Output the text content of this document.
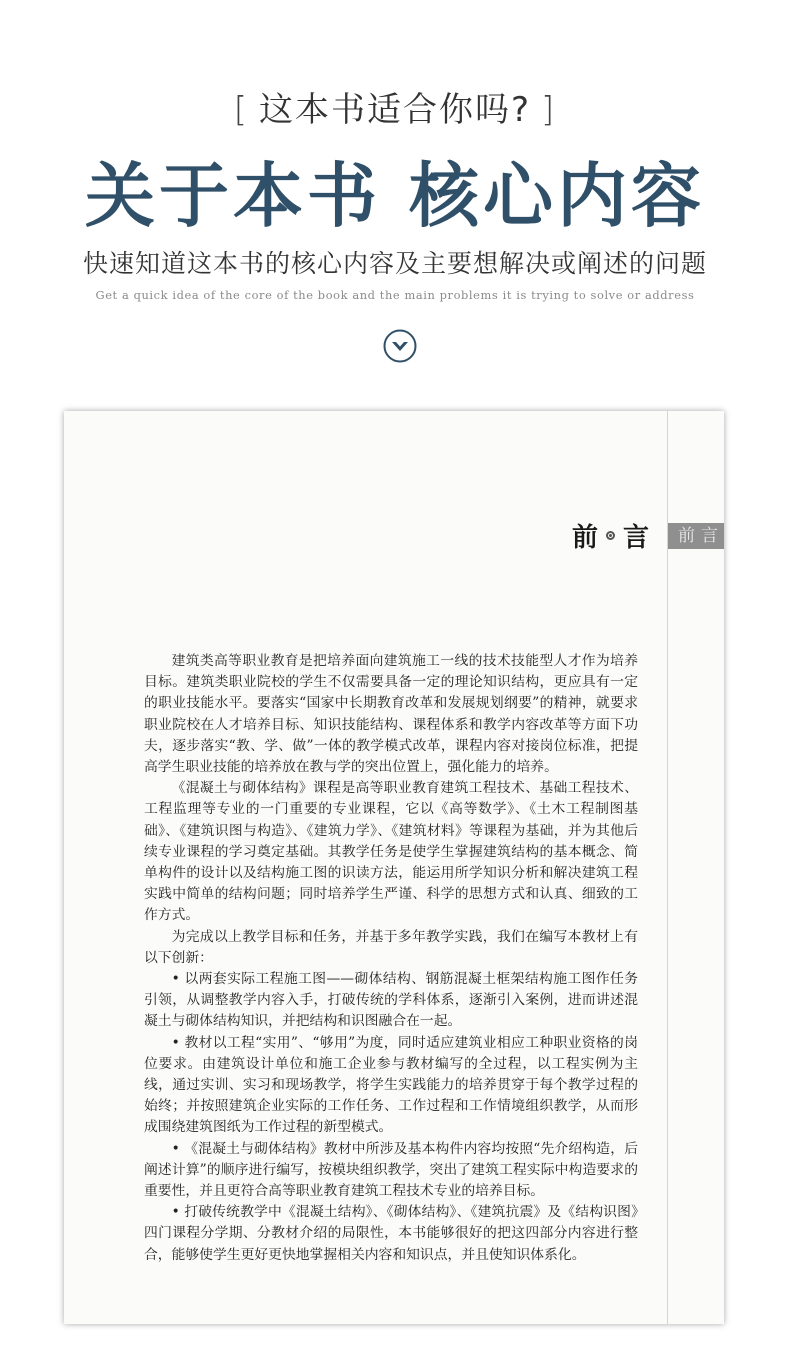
[ 这本书适合你吗? ]
关于本书 核心内容
快速知道这本书的核心内容及主要想解决或阐述的问题
Get a quick idea of the core of the book and the main problems it is trying to solve or address
前言
前 言

建筑类高等职业教育是把培养面向建筑施工一线的技术技能型人才作为培养目标。建筑类职业院校的学生不仅需要具备一定的理论知识结构，更应具有一定的职业技能水平。要落实“国家中长期教育改革和发展规划纲要”的精神，就要求职业院校在人才培养目标、知识技能结构、课程体系和教学内容改革等方面下功夫，逐步落实“教、学、做”一体的教学模式改革，课程内容对接岗位标准，把提高学生职业技能的培养放在教与学的突出位置上，强化能力的培养。

《混凝土与砌体结构》课程是高等职业教育建筑工程技术、基础工程技术、工程监理等专业的一门重要的专业课程，它以《高等数学》、《土木工程制图基础》、《建筑识图与构造》、《建筑力学》、《建筑材料》等课程为基础，并为其他后续专业课程的学习奠定基础。其教学任务是使学生掌握建筑结构的基本概念、简单构件的设计以及结构施工图的识读方法，能运用所学知识分析和解决建筑工程实践中简单的结构问题；同时培养学生严谨、科学的思想方式和认真、细致的工作方式。

为完成以上教学目标和任务，并基于多年教学实践，我们在编写本教材上有以下创新：

• 以两套实际工程施工图——砌体结构、钢筋混凝土框架结构施工图作任务引领，从调整教学内容入手，打破传统的学科体系，逐渐引入案例，进而讲述混凝土与砌体结构知识，并把结构和识图融合在一起。

• 教材以工程“实用”、“够用”为度，同时适应建筑业相应工种职业资格的岗位要求。由建筑设计单位和施工企业参与教材编写的全过程，以工程实例为主线，通过实训、实习和现场教学，将学生实践能力的培养贯穿于每个教学过程的始终；并按照建筑企业实际的工作任务、工作过程和工作情境组织教学，从而形成围绕建筑图纸为工作过程的新型模式。

• 《混凝土与砌体结构》教材中所涉及基本构件内容均按照“先介绍构造，后阐述计算”的顺序进行编写，按模块组织教学，突出了建筑工程实际中构造要求的重要性，并且更符合高等职业教育建筑工程技术专业的培养目标。

• 打破传统教学中《混凝土结构》、《砌体结构》、《建筑抗震》及《结构识图》四门课程分学期、分教材介绍的局限性，本书能够很好的把这四部分内容进行整合，能够使学生更好更快地掌握相关内容和知识点，并且使知识体系化。
